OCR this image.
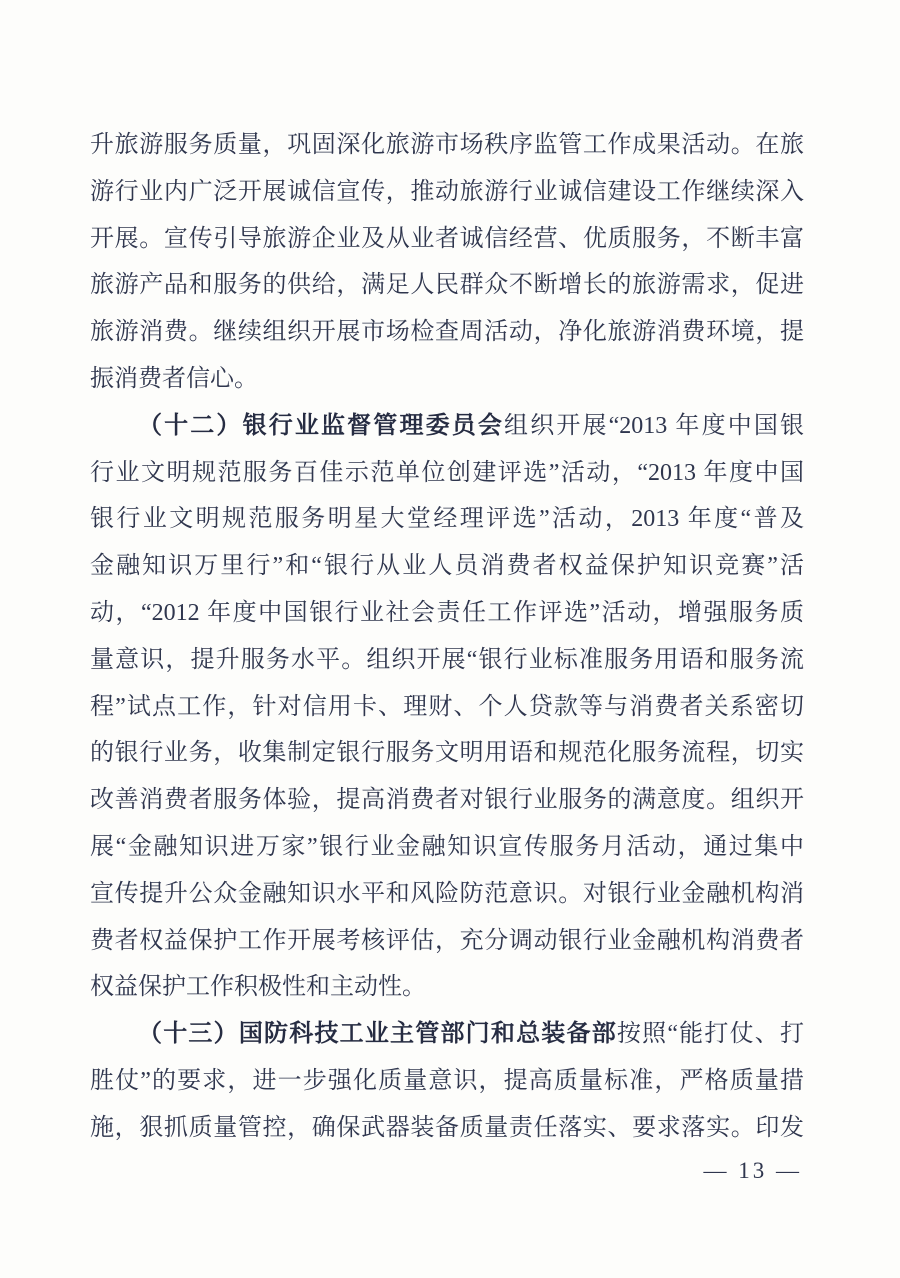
升旅游服务质量，巩固深化旅游市场秩序监管工作成果活动。在旅
游行业内广泛开展诚信宣传，推动旅游行业诚信建设工作继续深入
开展。宣传引导旅游企业及从业者诚信经营、优质服务，不断丰富
旅游产品和服务的供给，满足人民群众不断增长的旅游需求，促进
旅游消费。继续组织开展市场检查周活动，净化旅游消费环境，提
振消费者信心。
（十二）银行业监督管理委员会组织开展“2013 年度中国银
行业文明规范服务百佳示范单位创建评选”活动，“2013 年度中国
银行业文明规范服务明星大堂经理评选”活动，2013 年度“普及
金融知识万里行”和“银行从业人员消费者权益保护知识竞赛”活
动，“2012 年度中国银行业社会责任工作评选”活动，增强服务质
量意识，提升服务水平。组织开展“银行业标准服务用语和服务流
程”试点工作，针对信用卡、理财、个人贷款等与消费者关系密切
的银行业务，收集制定银行服务文明用语和规范化服务流程，切实
改善消费者服务体验，提高消费者对银行业服务的满意度。组织开
展“金融知识进万家”银行业金融知识宣传服务月活动，通过集中
宣传提升公众金融知识水平和风险防范意识。对银行业金融机构消
费者权益保护工作开展考核评估，充分调动银行业金融机构消费者
权益保护工作积极性和主动性。
（十三）国防科技工业主管部门和总装备部按照“能打仗、打
胜仗”的要求，进一步强化质量意识，提高质量标准，严格质量措
施，狠抓质量管控，确保武器装备质量责任落实、要求落实。印发
— 13 —
